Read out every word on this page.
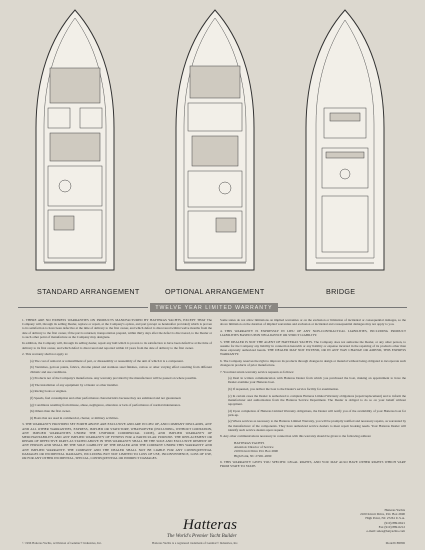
STANDARD ARRANGEMENT	OPTIONAL ARRANGEMENT	BRIDGE
TWELVE YEAR LIMITED WARRANTY

1. THERE ARE NO EXPRESS WARRANTIES ON PRODUCTS MANUFACTURED BY HATTERAS YACHTS, EXCEPT THAT The Company will, through its selling Dealer, replace or repair, at the Company's option, and part (except as hereinafter provided) which is proven to its satisfaction to have been defective at the time of delivery to the first owner, and which defect is discovered within twelve months from the date of delivery to the first owner, if the part is returned, transportation prepaid, within thirty days after the defect is discovered, to the Dealer or to such other point of manufacture as the Company may designate.

In addition, the Company will, through its selling dealer, repair any hull which is proven to its satisfaction to have been defective at the time of delivery to its first owner, and which defect is discovered and reported within 10 years from the date of delivery to the first owner.

2. This warranty shall not apply to:

(a) The cost of removal or reinstallment of part, or disassembly or reassembly of the unit of which it is a component.

(b) Varnishes, gelcoat paints, fabrics, chrome plated and stainless steel finishes, canvas or other varying effect resulting from different climatic and use conditions.

(c) Products not of the Company's manufacture. Any warranty provided by the manufacturer will be passed on where possible.

(d) The installation of any equipment by a Dealer or other installer.

(e) Racing boats or engines.

(f) Speeds, fuel consumption and other performance characteristics because they are estimated and not guaranteed.

(g) Conditions resulting from misuse, abuse, negligence, alteration or lack of performance of normal maintenance.

(h) Others than the first owner.

(i) Boats that are used in commercial, charter, or military activities.

3. THE WARRANTY PROVIDED SET FORTH ABOVE ARE EXCLUSIVE AND ARE IN LIEU OF, AND COMPANY DISCLAIMS, ANY AND ALL OTHER WARRANTIES, EXPRESS, IMPLIED OR STATUTORY, WHATSOEVER (INCLUDING, WITHOUT LIMITATION, ANY IMPLIED WARRANTIES UNDER THE UNIFORM COMMERCIAL CODE), AND IMPLIED WARRANTY OF MERCHANTABILITY AND ANY IMPLIED WARRANTY OF FITNESS FOR A PARTICULAR PURPOSE. THE REPLACEMENT OR REPAIR OF DEFECTIVE PARTS AS STATED ABOVE IN THIS WARRANTY SHALL BE THE SOLE AND EXCLUSIVE REMEDY OF ANY PERSON AND SHALL BE THE SOLE LIABILITY OF THE DEALER AND THE COMPANY UNDER THIS WARRANTY AND ANY IMPLIED WARRANTY. THE COMPANY AND THE DEALER SHALL NOT BE LIABLE FOR ANY CONSEQUENTIAL DAMAGES OR INCIDENTAL DAMAGES, INCLUDING BUT NOT LIMITED TO LOSS OF USE, INCONVENIENCE, LOSS OF USE, OR FOR ANY OTHER INCIDENTAL, SPECIAL, CONSEQUENTIAL OR INDIRECT DAMAGES.

Some states do not allow limitations on implied warranties or on the exclusion or limitation of incidental or consequential damages, so the above limitation on the duration of implied warranties and exclusion or incidental and consequential damages may not apply to you.

4. THIS WARRANTY IS EXPRESSLY IN LIEU OF ANY NON-CONTRACTUAL LIABILITIES, INCLUDING PRODUCT LIABILITIES BASED UPON NEGLIGENCE OR STRICT LIABILITY.

5. THE DEALER IS NOT THE AGENT OF HATTERAS YACHTS. The Company does not authorize the Dealer, or any other person, to assume for the Company any liability in connection herewith or any liability or expense incurred in the repairing of its products other than those expressly authorized herein. THE DEALER MAY NOT EXTEND, OR IN ANY WAY CHANGE OR AMEND, THIS EXPRESS WARRANTY.

6. The Company reserves the right to improve its products through changes in design or material without being obligated to incorporate such changes in products of prior manufacture.

7. You must return warranty service requests as follows:

(a) Deal in written communication with Hatteras Dealer from which you purchased the boat, making an appointment to have the Dealer examine your Hatteras boat.

(b) If requested, you deliver the boat to the Dealer's service facility for examination.

(c) In certain cases the Dealer is authorized to complete Hatteras Limited Warranty obligations (repair/replacement) and to inform the manufacturer and authorization from the Hatteras Service Department. The Dealer is obliged to do so on your behalf without repayment.

(d) Upon completion of Hatteras Limited Warranty obligations, the Dealer will notify you of the availability of your Hatteras boat for pick-up.

(e) Where services as necessary to the Hatteras Limited Warranty, you will be promptly notified and necessary repairs, as warranted by the manufacturer of the components. They have authorized service dealers to meet repair booking needs. Your Hatteras Dealer will identify such service dealers upon request.

8. Any other communications necessary in connection with this warranty should be given to the following address:

HATTERAS YACHTS
Attention: Director of Service
2100 Kivett Drive P.O. Box 2690
High Point, NC 27261-2690

9. THIS WARRANTY GIVES YOU SPECIFIC LEGAL RIGHTS, AND YOU MAY ALSO HAVE OTHER RIGHTS WHICH VARY FROM STATE TO STATE.

Hatteras Yachts
2100 Kivett Drive, P.O. Box 2690
High Point, NC 27261 U.S.A.
(910) 889-6621
Fax (910) 889-6212
e-mail: sales@hatyachts.com
Hatteras
The World's Premier Yacht Builder
© 1996 Hatteras Yachts, A Division of Genmar® Industries, Inc.	Hatteras Yachts is a registered trademark of Genmar® Industries, Inc.	Model51B0896
